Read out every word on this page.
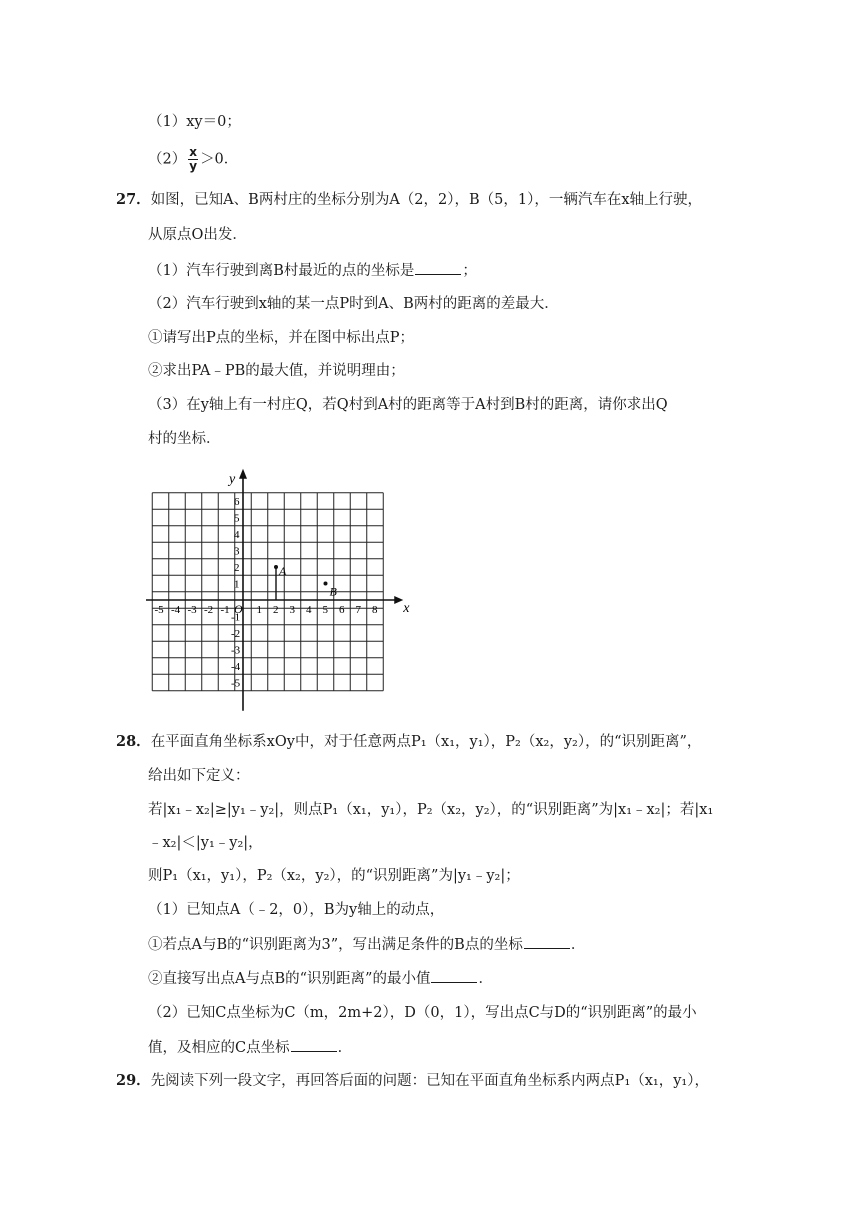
（1）xy＝0；
$(2) \frac{x}{y} >0$．
27．如图，已知A、B两村庄的坐标分别为A（2，2），B（5，1），一辆汽车在x轴上行驶，
从原点O出发．
（1）汽车行驶到离B村最近的点的坐标是	；
（2）汽车行驶到x轴的某一点P时到A、B两村的距离的差最大．
①请写出P点的坐标，并在图中标出点P；
②求出PA﹣PB的最大值，并说明理由；
（3）在y轴上有一村庄Q，若Q村到A村的距离等于A村到B村的距离，请你求出Q
村的坐标．
x
y
O
-5 -4 -3 -2 -1 1 2 3 4 5 6 7 8
6
5
4
3
2
1
-1
-2
-3
-4
-5
A
B
28．在平面直角坐标系xOy中，对于任意两点P₁（x₁，y₁），P₂（x₂，y₂），的“识别距离”，
给出如下定义：
若|x₁﹣x₂|≥|y₁﹣y₂|，则点P₁（x₁，y₁），P₂（x₂，y₂），的“识别距离”为|x₁﹣x₂|；若|x₁
﹣x₂|＜|y₁﹣y₂|，
则P₁（x₁，y₁），P₂（x₂，y₂），的“识别距离”为|y₁﹣y₂|；
（1）已知点A（﹣2，0），B为y轴上的动点，
①若点A与B的“识别距离为3”，写出满足条件的B点的坐标	．
②直接写出点A与点B的“识别距离”的最小值	．
（2）已知C点坐标为C（m，2m+2），D（0，1），写出点C与D的“识别距离”的最小
值，及相应的C点坐标	．
29．先阅读下列一段文字，再回答后面的问题：已知在平面直角坐标系内两点P₁（x₁，y₁），
